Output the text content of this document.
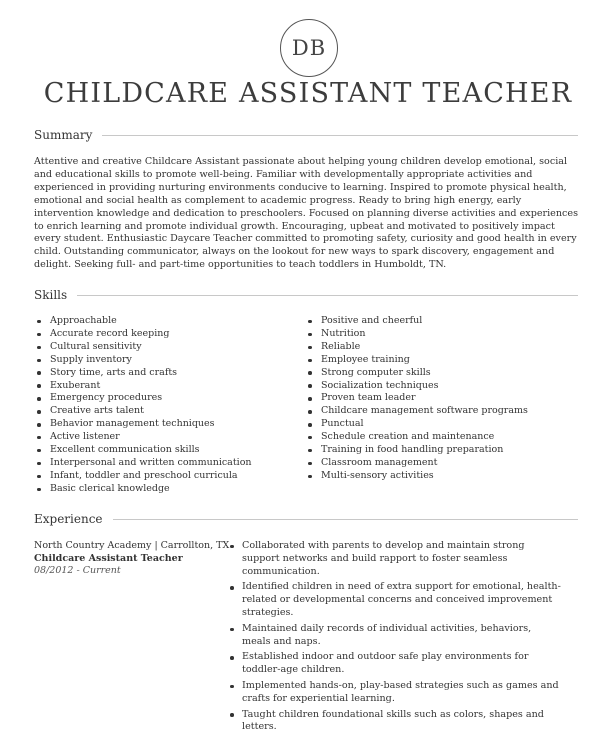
DB
CHILDCARE ASSISTANT TEACHER
Summary

Attentive and creative Childcare Assistant passionate about helping young children develop emotional, social and educational skills to promote well-being. Familiar with developmentally appropriate activities and experienced in providing nurturing environments conducive to learning. Inspired to promote physical health, emotional and social health as complement to academic progress. Ready to bring high energy, early intervention knowledge and dedication to preschoolers. Focused on planning diverse activities and experiences to enrich learning and promote individual growth. Encouraging, upbeat and motivated to positively impact every student. Enthusiastic Daycare Teacher committed to promoting safety, curiosity and good health in every child. Outstanding communicator, always on the lookout for new ways to spark discovery, engagement and delight. Seeking full- and part-time opportunities to teach toddlers in Humboldt, TN.

Skills
Approachable
Accurate record keeping
Cultural sensitivity
Supply inventory
Story time, arts and crafts
Exuberant
Emergency procedures
Creative arts talent
Behavior management techniques
Active listener
Excellent communication skills
Interpersonal and written communication
Infant, toddler and preschool curricula
Basic clerical knowledge
Positive and cheerful
Nutrition
Reliable
Employee training
Strong computer skills
Socialization techniques
Proven team leader
Childcare management software programs
Punctual
Schedule creation and maintenance
Training in food handling preparation
Classroom management
Multi-sensory activities
Experience
North Country Academy | Carrollton, TX
Childcare Assistant Teacher
08/2012 - Current
Collaborated with parents to develop and maintain strong support networks and build rapport to foster seamless communication.
Identified children in need of extra support for emotional, health-related or developmental concerns and conceived improvement strategies.
Maintained daily records of individual activities, behaviors, meals and naps.
Established indoor and outdoor safe play environments for toddler-age children.
Implemented hands-on, play-based strategies such as games and crafts for experiential learning.
Taught children foundational skills such as colors, shapes and letters.
